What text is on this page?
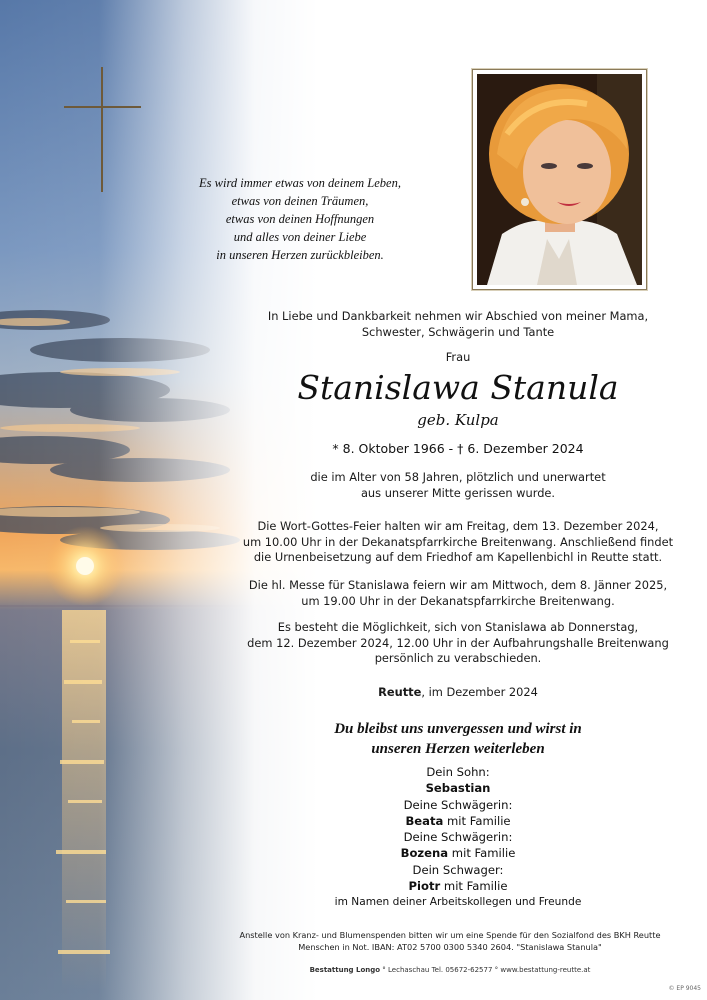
Es wird immer etwas von deinem Leben,
etwas von deinen Träumen,
etwas von deinen Hoffnungen
und alles von deiner Liebe
in unseren Herzen zurückbleiben.
In Liebe und Dankbarkeit nehmen wir Abschied von meiner Mama,
Schwester, Schwägerin und Tante
Frau
Stanislawa Stanula
geb. Kulpa
* 8. Oktober 1966 - † 6. Dezember 2024
die im Alter von 58 Jahren, plötzlich und unerwartet
aus unserer Mitte gerissen wurde.
Die Wort-Gottes-Feier halten wir am Freitag, dem 13. Dezember 2024,
um 10.00 Uhr in der Dekanatspfarrkirche Breitenwang. Anschließend findet
die Urnenbeisetzung auf dem Friedhof am Kapellenbichl in Reutte statt.
Die hl. Messe für Stanislawa feiern wir am Mittwoch, dem 8. Jänner 2025,
um 19.00 Uhr in der Dekanatspfarrkirche Breitenwang.
Es besteht die Möglichkeit, sich von Stanislawa ab Donnerstag,
dem 12. Dezember 2024, 12.00 Uhr in der Aufbahrungshalle Breitenwang
persönlich zu verabschieden.
Reutte, im Dezember 2024
Du bleibst uns unvergessen und wirst in
unseren Herzen weiterleben
Dein Sohn:
Sebastian
Deine Schwägerin:
Beata mit Familie
Deine Schwägerin:
Bozena mit Familie
Dein Schwager:
Piotr mit Familie
im Namen deiner Arbeitskollegen und Freunde
Anstelle von Kranz- und Blumenspenden bitten wir um eine Spende für den Sozialfond des BKH Reutte
Menschen in Not. IBAN: AT02 5700 0300 5340 2604. "Stanislawa Stanula"
Bestattung Longo ° Lechaschau Tel. 05672-62577 ° www.bestattung-reutte.at
© EP 9045
